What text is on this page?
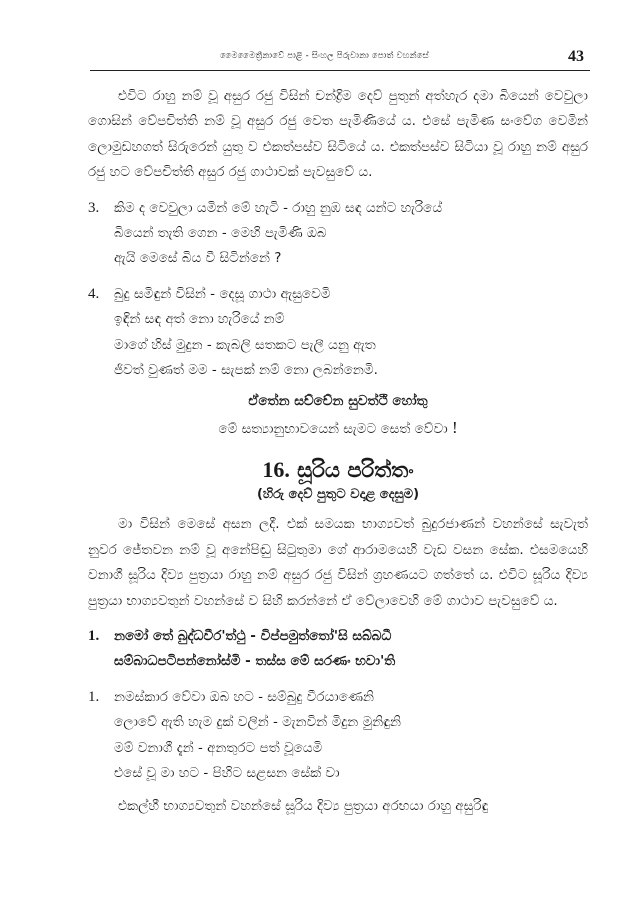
මෛමෛත්‍රීනාවේ පාළි - සිංහල පිරුවානා පොත් වහන්සේ	43

එවිට රාහු නම් වූ අසුර රජු විසින් චන්ද්‍රිම දෙව් පුතුන් අත්හැර දමා බියෙන් වෙවුලා ගොසින් වේපචිත්ති නම් වූ අසුර රජු වෙත පැමිණියේ ය. එසේ පැමිණ සංවේග වෙමින් ලොමුඩහගත් සිරුරෙන් යුතු ව එකත්පස්ව සිටියේ ය. එකත්පස්ව සිටියා වූ රාහු නම් අසුර රජු හට වේපචිත්ති අසුර රජු ගාථාවක් පැවසුවේ ය.

3.	කිම ද වෙවුලා යමින් මේ හැටි - රාහු නුඹ සඳ යන්ට හැරියේ
බියෙන් තැති ගෙන - මෙහි පැමිණි ඔබ
ඇයි මෙසේ බිය වී සිටින්නේ ?
4.	බුදු සමිඳුන් විසින් - දෙසූ ගාථා ඇසුවෙමි
ඉඳින් සඳ අත් නො හැරියේ නම්
මාගේ හිස් මුදුන - කැබලි සතකට පැලී යනු ඇත
ජිවත් වුණත් මම - සැපක් නම් නො ලබන්නෙමි.
ඒතේන සච්චේන සුවත්ථි හෝතු
මේ සත්‍යානුභාවයෙන් සැමට සෙත් වේවා !
16. සූරිය පරිත්තං
(හිරු දෙව් පුතුට වදාළ දෙසුම)

මා විසින් මෙසේ අසන ලදී. එක් සමයක භාග්‍යවත් බුදුරජාණන් වහන්සේ සැවැත් නුවර ජේතවන නම් වූ අනේපිඬු සිටුතුමා ගේ ආරාමයෙහි වැඩ වසන සේක. එසමයෙහි වනාගී සූරිය දිව්‍ය පුත්‍රයා රාහු නම් අසුර රජු විසින් ග්‍රහණයට ගත්තේ ය. එවිට සූරිය දිව්‍ය පුත්‍රයා භාග්‍යවතුන් වහන්සේ ව සිහි කරන්නේ ඒ වේලාවෙහි මේ ගාථාව පැවසුවේ ය.

1.	නමෝ තේ බුද්ධවීර'ත්ථු - විප්පමුත්තෝ'සි සබ්බධී
සම්බාධපටිපන්නෝස්මි - තස්ස මේ සරණං භවා'ති
1.	නමස්කාර වේවා ඔබ හට - සම්බුදු වීරයාණෙනි
ලොවේ ඇති හැම දුක් වලින් - මැනවින් මිදුන මුනිඳුනි
මම් වනාගී දැන් - අනතුරට පත් වූයෙමි
එසේ වූ මා හට - පිහිට සළසන සේක් වා

එකල්හී භාග්‍යවතුන් වහන්සේ සූරිය දිව්‍ය පුත්‍රයා අරභයා රාහු අසුරිඳු
